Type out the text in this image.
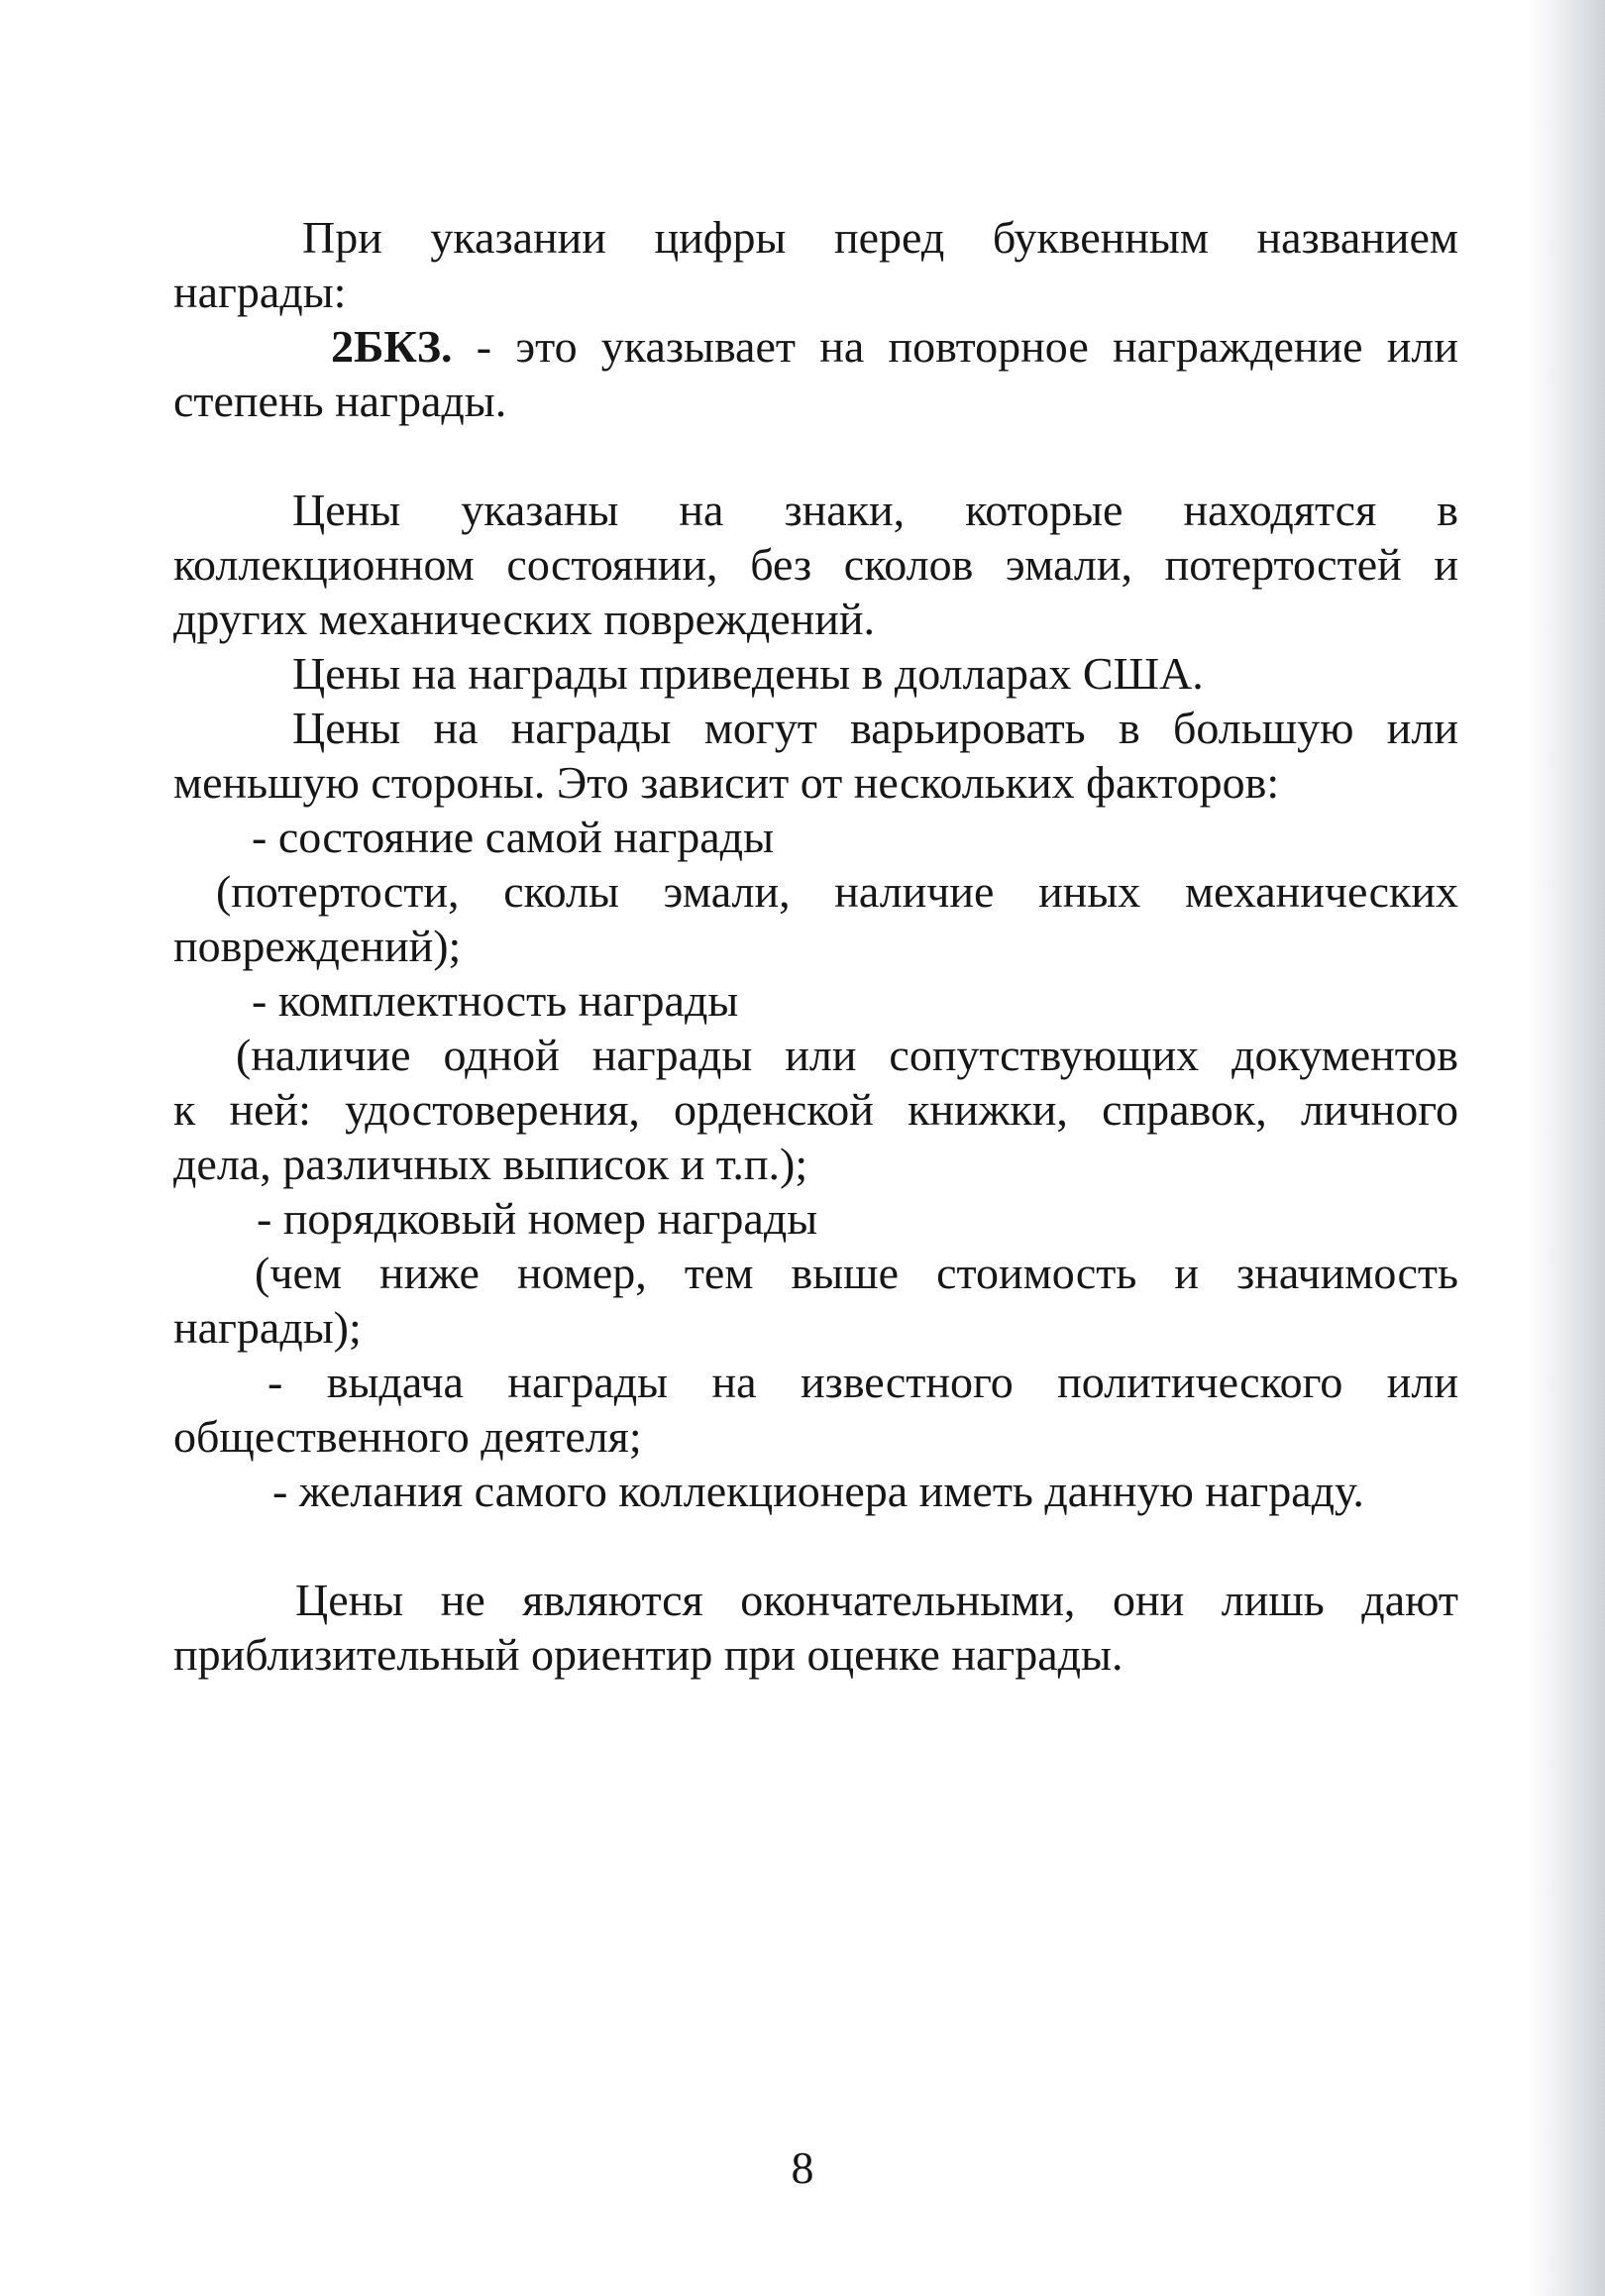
При указании цифры перед буквенным названием
награды:
2БКЗ. - это указывает на повторное награждение или
степень награды.
Цены указаны на знаки, которые находятся в
коллекционном состоянии, без сколов эмали, потертостей и
других механических повреждений.
Цены на награды приведены в долларах США.
Цены на награды могут варьировать в большую или
меньшую стороны. Это зависит от нескольких факторов:
- состояние самой награды
(потертости, сколы эмали, наличие иных механических
повреждений);
- комплектность награды
(наличие одной награды или сопутствующих документов
к ней: удостоверения, орденской книжки, справок, личного
дела, различных выписок и т.п.);
- порядковый номер награды
(чем ниже номер, тем выше стоимость и значимость
награды);
- выдача награды на известного политического или
общественного деятеля;
- желания самого коллекционера иметь данную награду.
Цены не являются окончательными, они лишь дают
приблизительный ориентир при оценке награды.
8
